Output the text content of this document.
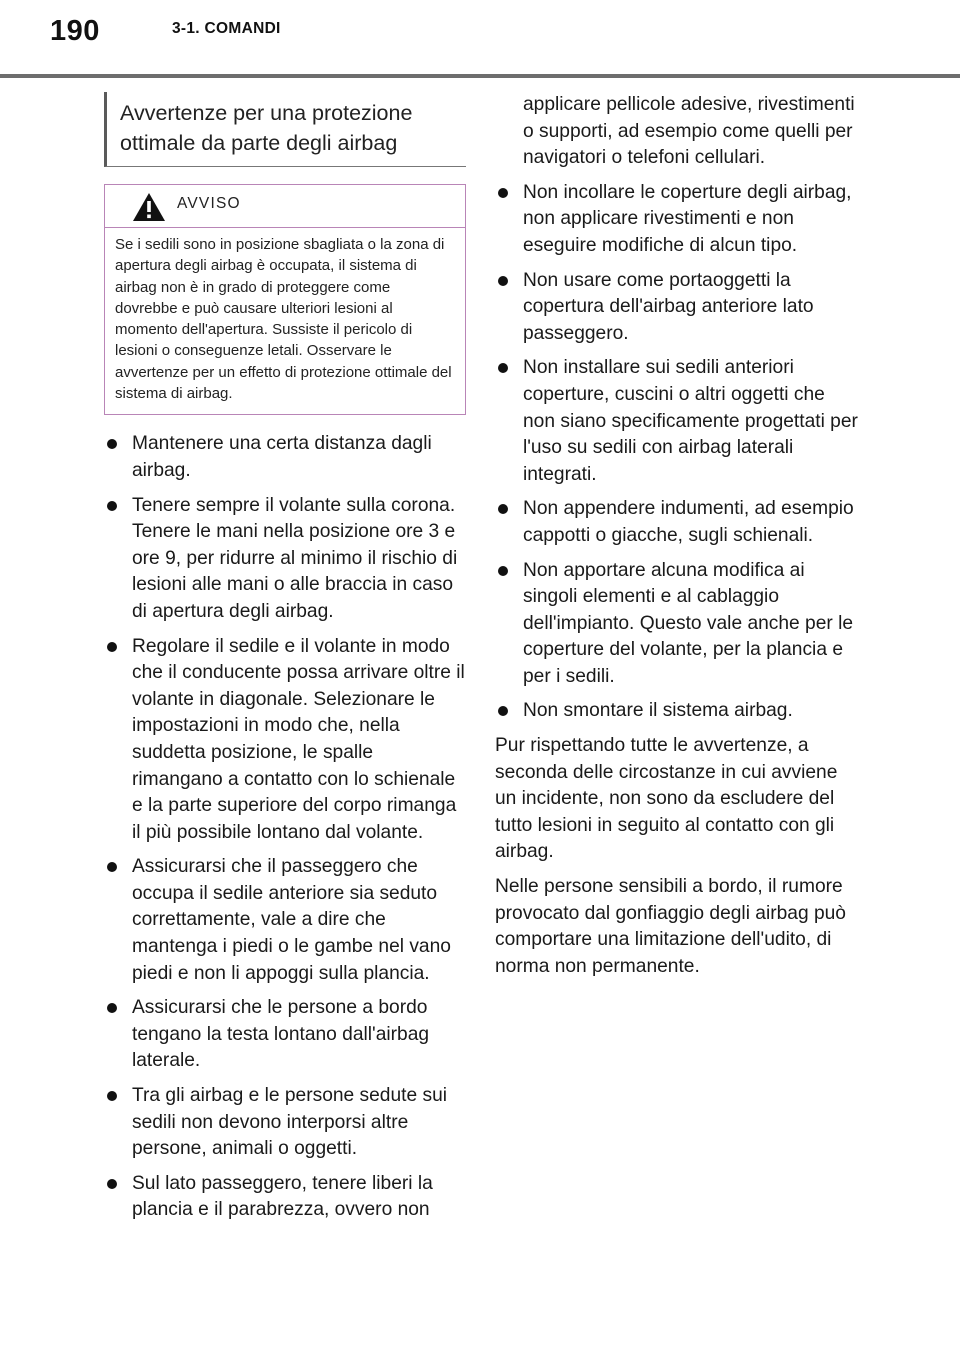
190	3-1. COMANDI
Avvertenze per una protezione ottimale da parte degli airbag
AVVISO
Se i sedili sono in posizione sbagliata o la zona di apertura degli airbag è occupata, il sistema di airbag non è in grado di proteggere come dovrebbe e può causare ulteriori lesioni al momento dell'apertura. Sussiste il pericolo di lesioni o conseguenze letali. Osservare le avvertenze per un effetto di protezione ottimale del sistema di airbag.
Mantenere una certa distanza dagli airbag.
Tenere sempre il volante sulla corona. Tenere le mani nella posizione ore 3 e ore 9, per ridurre al minimo il rischio di lesioni alle mani o alle braccia in caso di apertura degli airbag.
Regolare il sedile e il volante in modo che il conducente possa arrivare oltre il volante in diagonale. Selezionare le impostazioni in modo che, nella suddetta posizione, le spalle rimangano a contatto con lo schienale e la parte superiore del corpo rimanga il più possibile lontano dal volante.
Assicurarsi che il passeggero che occupa il sedile anteriore sia seduto correttamente, vale a dire che mantenga i piedi o le gambe nel vano piedi e non li appoggi sulla plancia.
Assicurarsi che le persone a bordo tengano la testa lontano dall'airbag laterale.
Tra gli airbag e le persone sedute sui sedili non devono interporsi altre persone, animali o oggetti.
Sul lato passeggero, tenere liberi la plancia e il parabrezza, ovvero non
applicare pellicole adesive, rivestimenti o supporti, ad esempio come quelli per navigatori o telefoni cellulari.
Non incollare le coperture degli airbag, non applicare rivestimenti e non eseguire modifiche di alcun tipo.
Non usare come portaoggetti la copertura dell'airbag anteriore lato passeggero.
Non installare sui sedili anteriori coperture, cuscini o altri oggetti che non siano specificamente progettati per l'uso su sedili con airbag laterali integrati.
Non appendere indumenti, ad esempio cappotti o giacche, sugli schienali.
Non apportare alcuna modifica ai singoli elementi e al cablaggio dell'impianto. Questo vale anche per le coperture del volante, per la plancia e per i sedili.
Non smontare il sistema airbag.

Pur rispettando tutte le avvertenze, a seconda delle circostanze in cui avviene un incidente, non sono da escludere del tutto lesioni in seguito al contatto con gli airbag.

Nelle persone sensibili a bordo, il rumore provocato dal gonfiaggio degli airbag può comportare una limitazione dell'udito, di norma non permanente.
